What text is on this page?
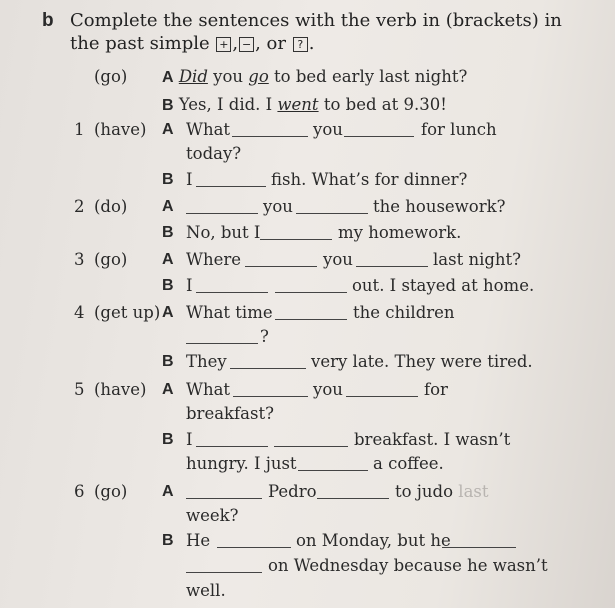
b Complete the sentences with the verb in (brackets) in
the past simple + , − , or ? .
(go) A Did you go to bed early last night?
B Yes, I did. I went to bed at 9.30!
1 (have) A What	you	for lunch
today?
B I	fish. What’s for dinner?
2 (do) A	you	the housework?
B No, but I	my homework.
3 (go) A Where	you	last night?
B I	out. I stayed at home.
4 (get up) A What time	the children
?
B They	very late. They were tired.
5 (have) A What	you	for
breakfast?
B I	breakfast. I wasn’t
hungry. I just	a coffee.
6 (go) A	Pedro	to judo last
week?
B He	on Monday, but he
on Wednesday because he wasn’t
well.
